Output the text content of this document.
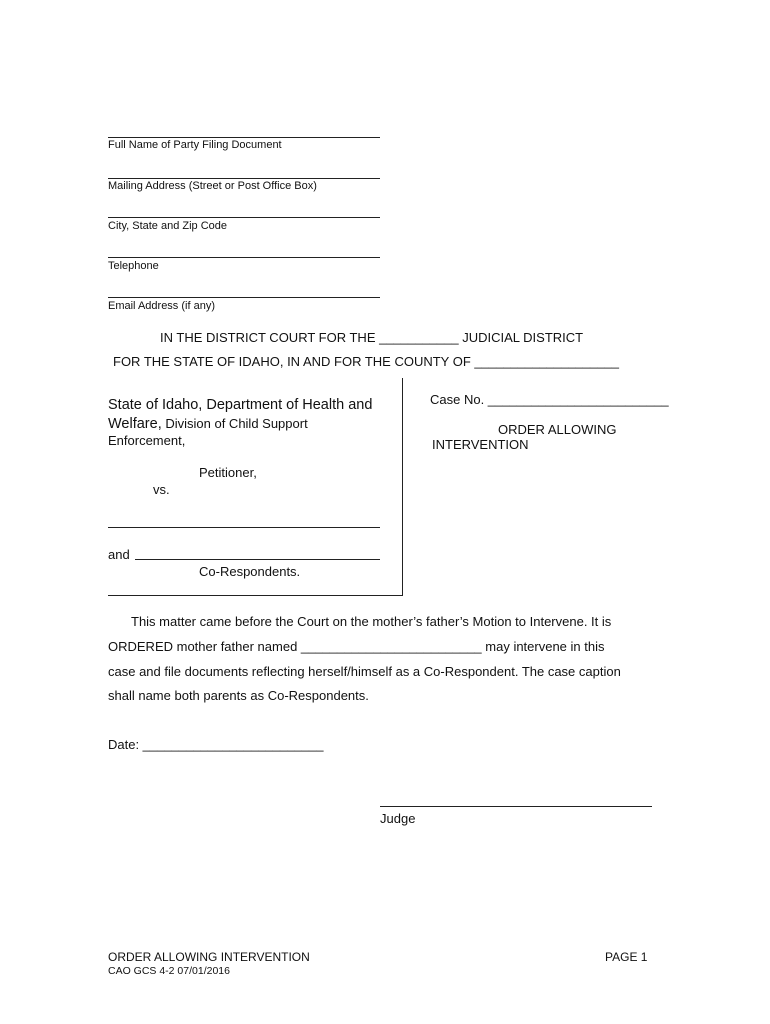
Full Name of Party Filing Document
Mailing Address (Street or Post Office Box)
City, State and Zip Code
Telephone
Email Address (if any)
IN THE DISTRICT COURT FOR THE ___________ JUDICIAL DISTRICT
FOR THE STATE OF IDAHO, IN AND FOR THE COUNTY OF ____________________
State of Idaho, Department of Health and
Welfare, Division of Child Support
Enforcement,
Petitioner,
vs.
and
Co-Respondents.
Case No. _________________________
ORDER ALLOWING
INTERVENTION
This matter came before the Court on the mother’s father’s Motion to Intervene. It is
ORDERED mother father named _________________________ may intervene in this
case and file documents reflecting herself/himself as a Co-Respondent. The case caption
shall name both parents as Co-Respondents.
Date: _________________________
Judge
ORDER ALLOWING INTERVENTION	PAGE 1
CAO GCS 4-2 07/01/2016
